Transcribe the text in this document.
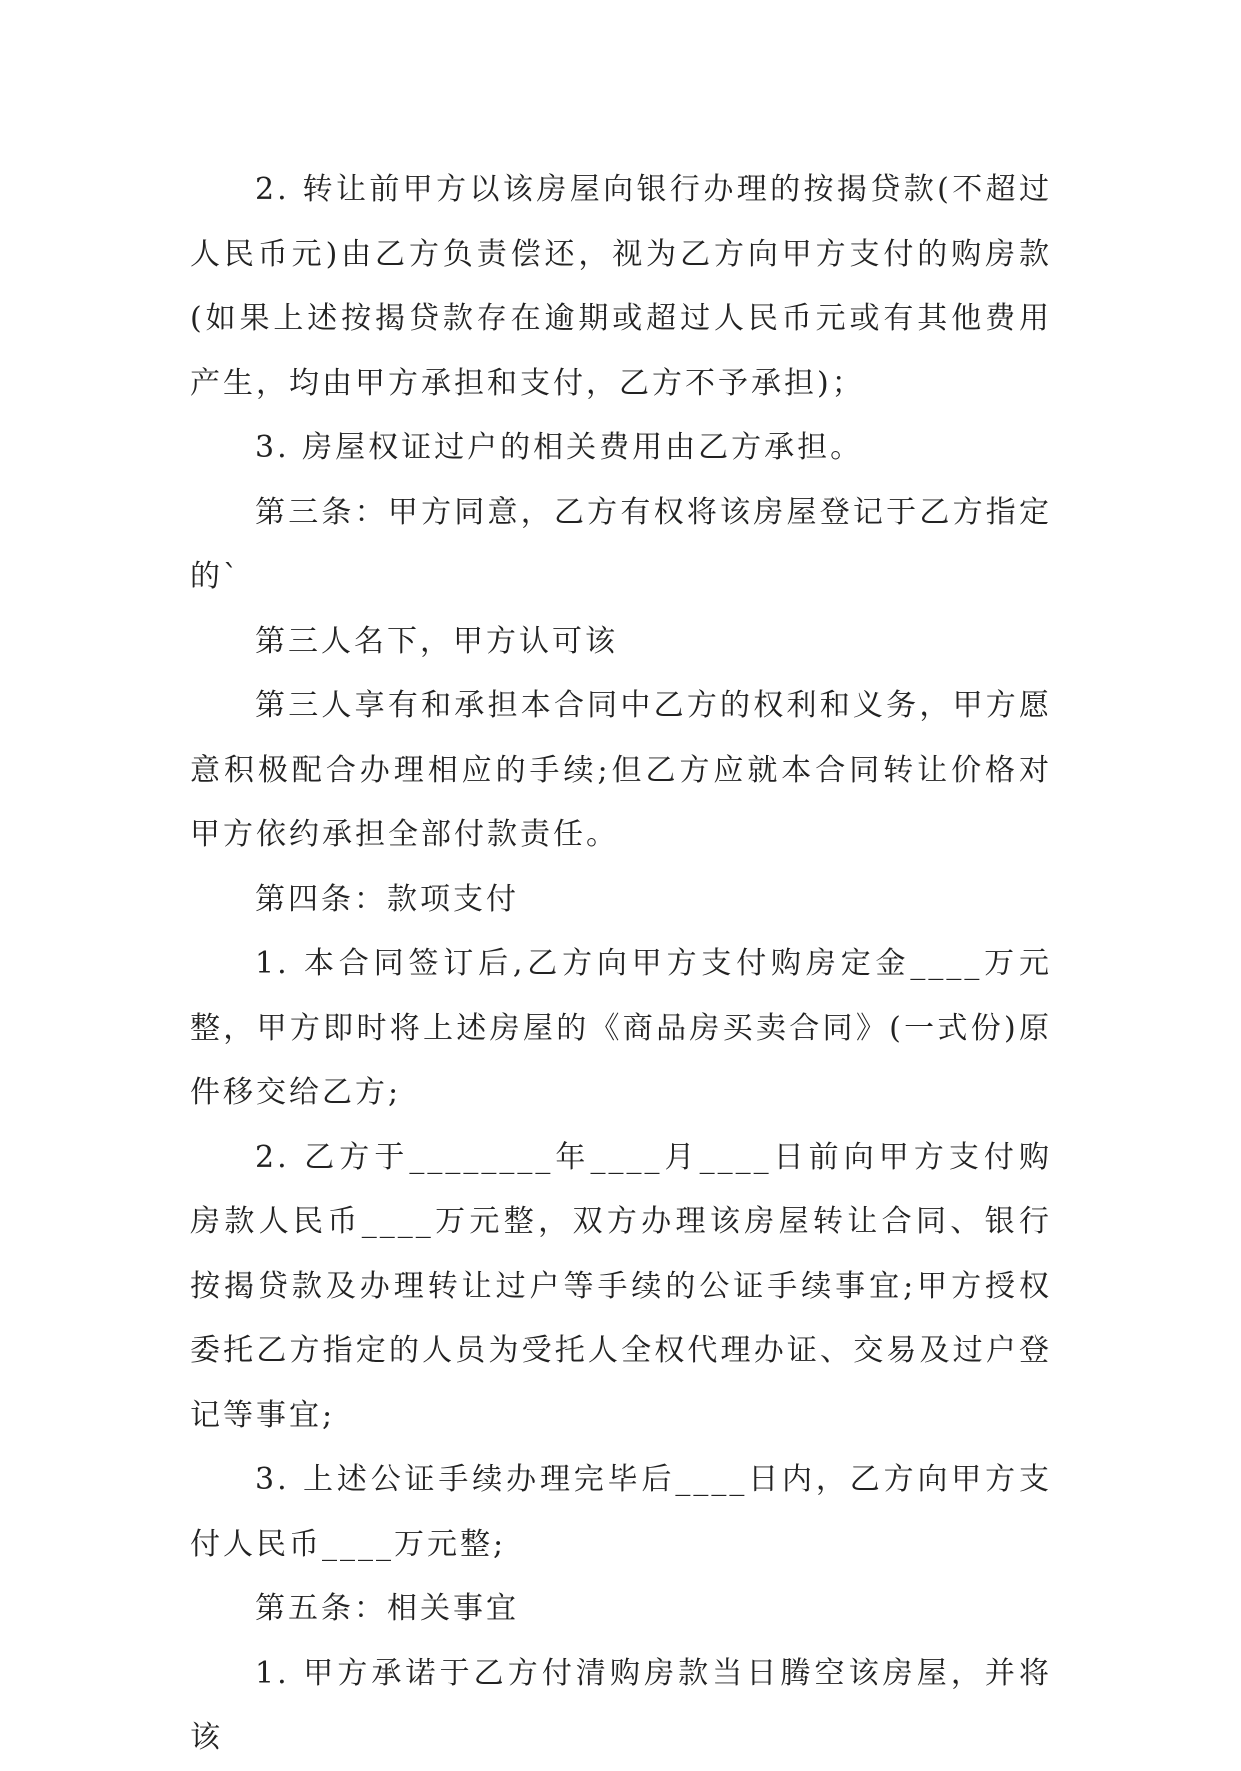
2. 转让前甲方以该房屋向银行办理的按揭贷款(不超过人民币元)由乙方负责偿还，视为乙方向甲方支付的购房款(如果上述按揭贷款存在逾期或超过人民币元或有其他费用产生，均由甲方承担和支付，乙方不予承担)；

3. 房屋权证过户的相关费用由乙方承担。

第三条：甲方同意，乙方有权将该房屋登记于乙方指定的`

第三人名下，甲方认可该

第三人享有和承担本合同中乙方的权利和义务，甲方愿意积极配合办理相应的手续;但乙方应就本合同转让价格对甲方依约承担全部付款责任。

第四条：款项支付

1. 本合同签订后,乙方向甲方支付购房定金____万元整，甲方即时将上述房屋的《商品房买卖合同》(一式份)原件移交给乙方;

2. 乙方于________年____月____日前向甲方支付购房款人民币____万元整，双方办理该房屋转让合同、银行按揭贷款及办理转让过户等手续的公证手续事宜;甲方授权委托乙方指定的人员为受托人全权代理办证、交易及过户登记等事宜;

3. 上述公证手续办理完毕后____日内，乙方向甲方支付人民币____万元整;

第五条：相关事宜

1. 甲方承诺于乙方付清购房款当日腾空该房屋，并将该
